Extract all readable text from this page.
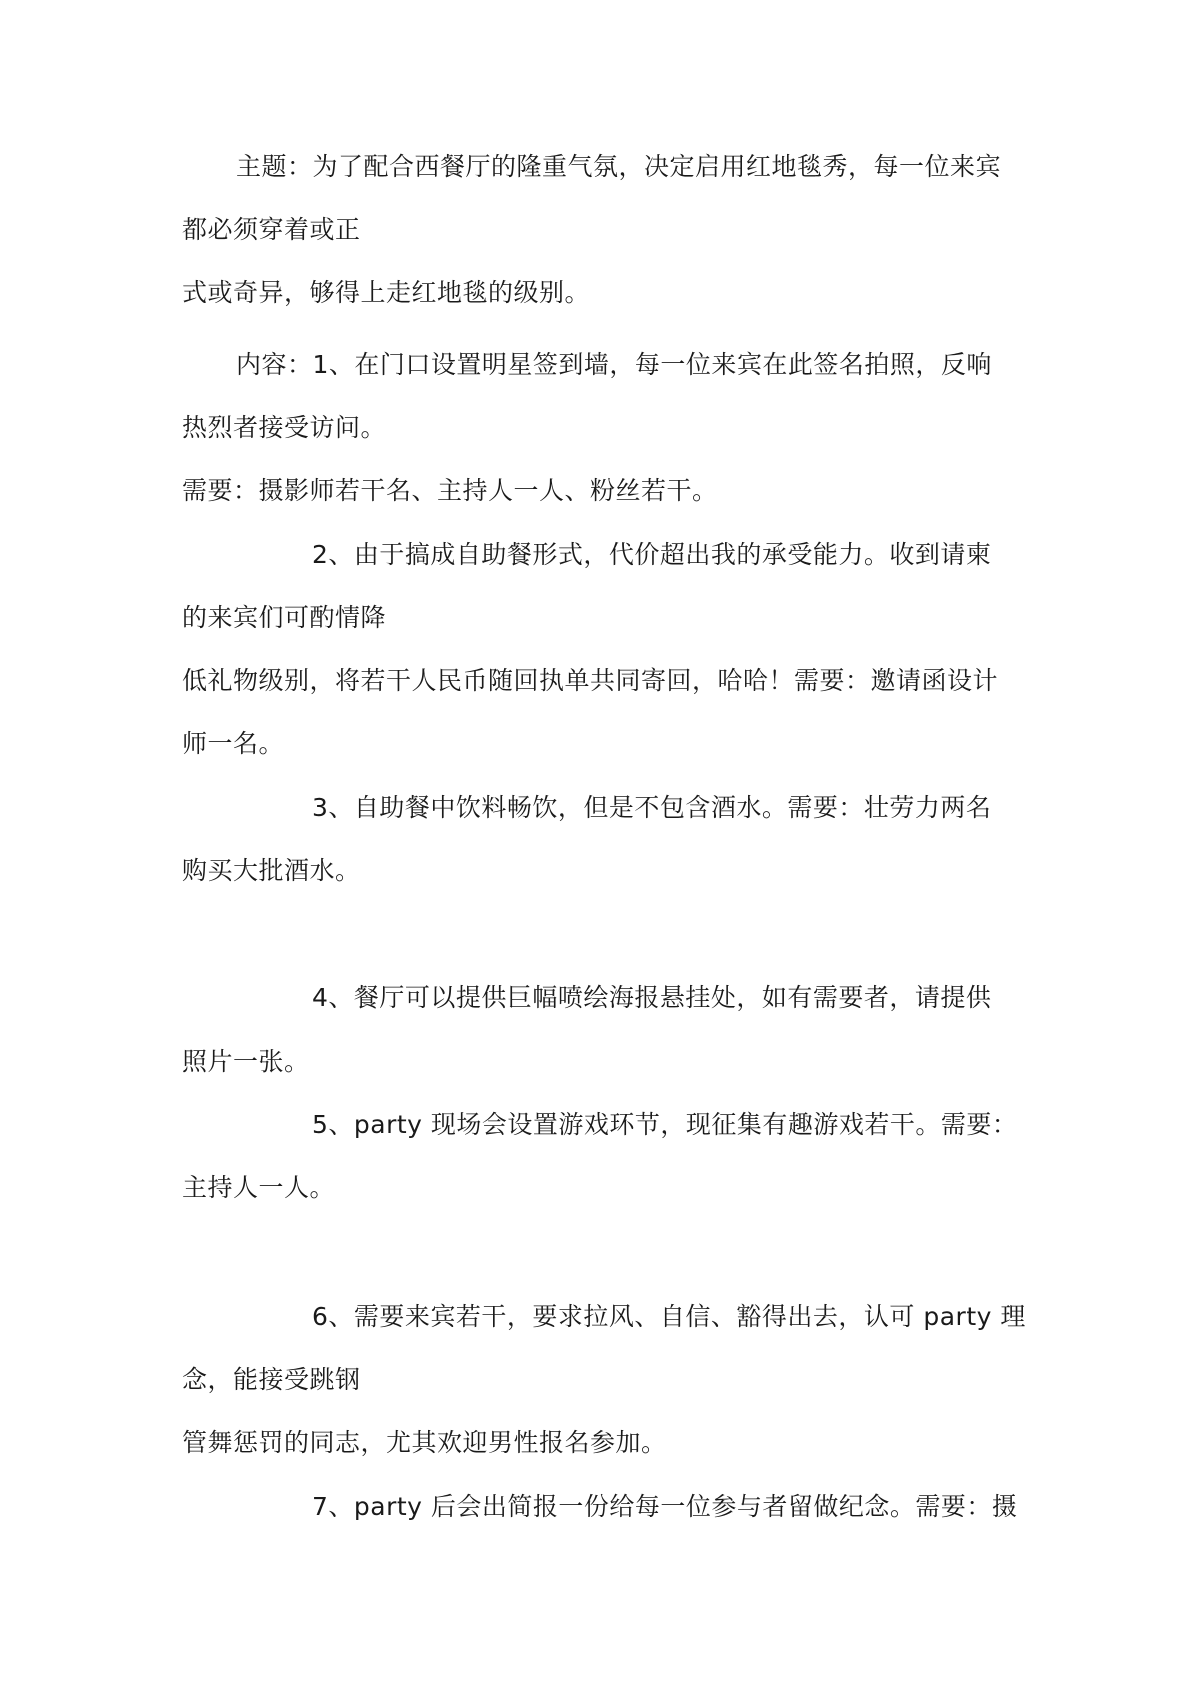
主题：为了配合西餐厅的隆重气氛，决定启用红地毯秀，每一位来宾
都必须穿着或正
式或奇异，够得上走红地毯的级别。
内容：1、在门口设置明星签到墙，每一位来宾在此签名拍照，反响
热烈者接受访问。
需要：摄影师若干名、主持人一人、粉丝若干。
2、由于搞成自助餐形式，代价超出我的承受能力。收到请柬
的来宾们可酌情降
低礼物级别，将若干人民币随回执单共同寄回，哈哈！需要：邀请函设计
师一名。
3、自助餐中饮料畅饮，但是不包含酒水。需要：壮劳力两名
购买大批酒水。
4、餐厅可以提供巨幅喷绘海报悬挂处，如有需要者，请提供
照片一张。
5、party 现场会设置游戏环节，现征集有趣游戏若干。需要：
主持人一人。
6、需要来宾若干，要求拉风、自信、豁得出去，认可 party 理
念，能接受跳钢
管舞惩罚的同志，尤其欢迎男性报名参加。
7、party 后会出简报一份给每一位参与者留做纪念。需要：摄
